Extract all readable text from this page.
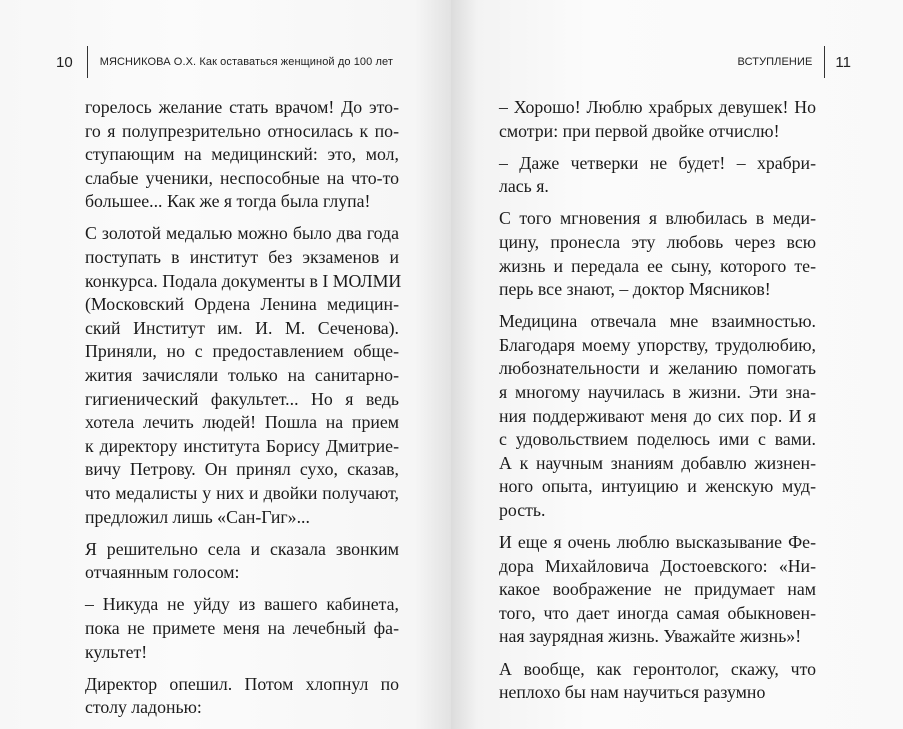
10 МЯСНИКОВА О.Х. Как оставаться женщиной до 100 лет
горелось желание стать врачом! До это-
го я полупрезрительно относилась к по-
ступающим на медицинский: это, мол,
слабые ученики, неспособные на что-то
большее... Как же я тогда была глупа!
С золотой медалью можно было два года
поступать в институт без экзаменов и
конкурса. Подала документы в I МОЛМИ
(Московский Ордена Ленина медицин-
ский Институт им. И. М. Сеченова).
Приняли, но с предоставлением обще-
жития зачисляли только на санитарно-
гигиенический факультет... Но я ведь
хотела лечить людей! Пошла на прием
к директору института Борису Дмитрие-
вичу Петрову. Он принял сухо, сказав,
что медалисты у них и двойки получают,
предложил лишь «Сан-Гиг»...
Я решительно села и сказала звонким
отчаянным голосом:
– Никуда не уйду из вашего кабинета,
пока не примете меня на лечебный фа-
культет!
Директор опешил. Потом хлопнул по
столу ладонью:
ВСТУПЛЕНИЕ 11
– Хорошо! Люблю храбрых девушек! Но
смотри: при первой двойке отчислю!
– Даже четверки не будет! – храбри-
лась я.
С того мгновения я влюбилась в меди-
цину, пронесла эту любовь через всю
жизнь и передала ее сыну, которого те-
перь все знают, – доктор Мясников!
Медицина отвечала мне взаимностью.
Благодаря моему упорству, трудолюбию,
любознательности и желанию помогать
я многому научилась в жизни. Эти зна-
ния поддерживают меня до сих пор. И я
с удовольствием поделюсь ими с вами.
А к научным знаниям добавлю жизнен-
ного опыта, интуицию и женскую муд-
рость.
И еще я очень люблю высказывание Фе-
дора Михайловича Достоевского: «Ни-
какое воображение не придумает нам
того, что дает иногда самая обыкновен-
ная заурядная жизнь. Уважайте жизнь»!
А вообще, как геронтолог, скажу, что
неплохо бы нам научиться разумно
